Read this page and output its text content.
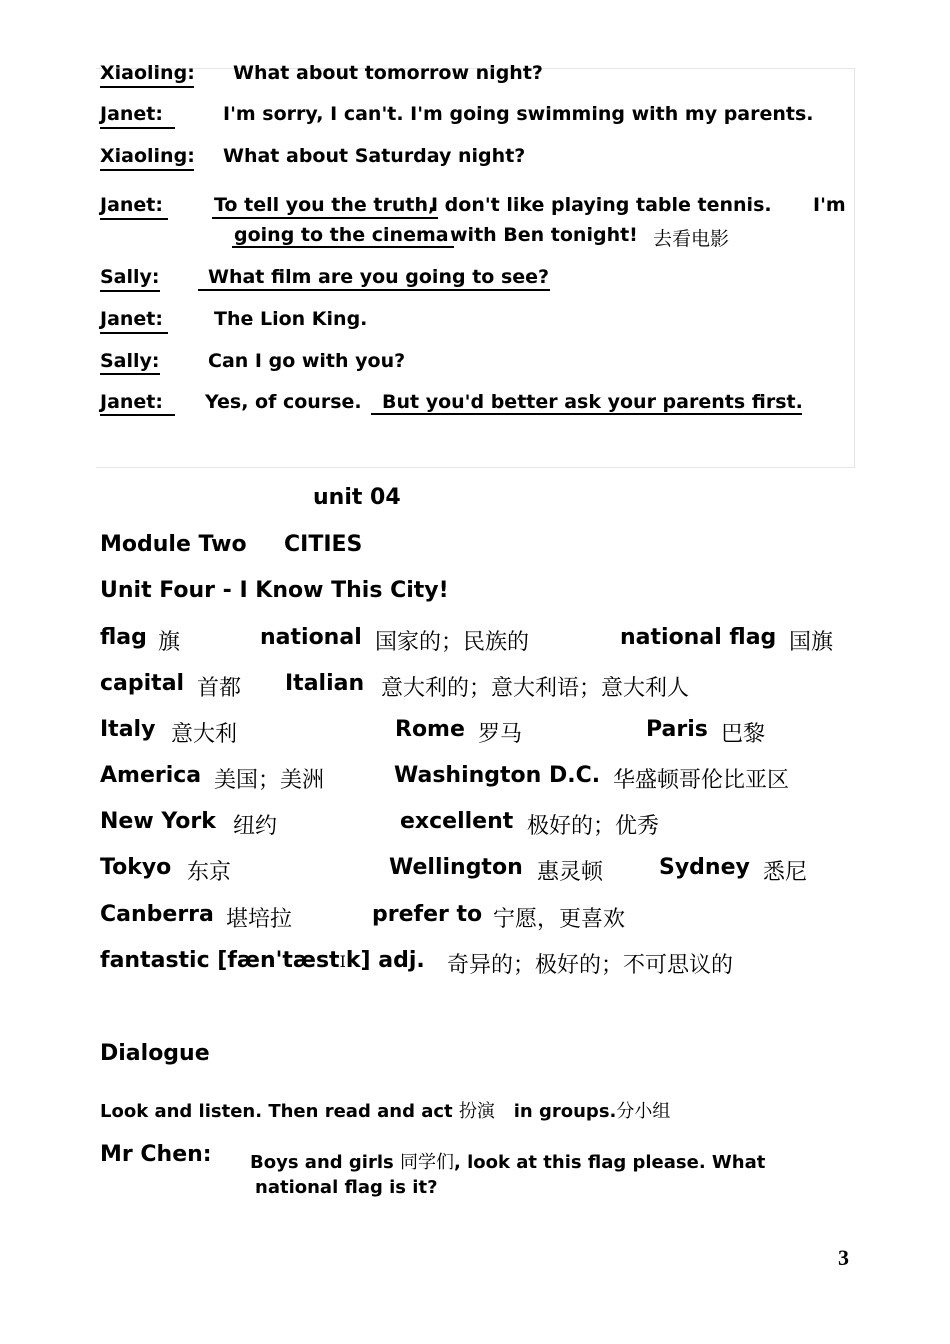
Xiaoling: What about tomorrow night?
Janet:	I'm sorry, I can't. I'm going swimming with my parents.
Xiaoling: What about Saturday night?
Janet:	To tell you the truth,
I don't like playing table tennis. I'm
going to the cinema with Ben tonight! 去看电影
Sally:	What film are you going to see?
Janet:	The Lion King.
Sally:	Can I go with you?
Janet: Yes, of course. But you'd better ask your parents first.
unit 04
Module Two CITIES
Unit Four - I Know This City!
flag 旗	national 国家的；民族的	national flag 国旗
capital 首都 Italian 意大利的；意大利语；意大利人
Italy 意大利	Rome 罗马	Paris 巴黎
America 美国；美洲	Washington D.C. 华盛顿哥伦比亚区
New York 纽约	excellent 极好的；优秀
Tokyo 东京	Wellington 惠灵顿	Sydney 悉尼
Canberra 堪培拉	prefer to 宁愿，更喜欢
fantastic [fæn'tæstIk] adj. 奇异的；极好的；不可思议的
Dialogue
Look and listen. Then read and act 扮演 in groups.分小组
Mr Chen: Boys and girls 同学们, look at this flag please. What
national flag is it?
3
